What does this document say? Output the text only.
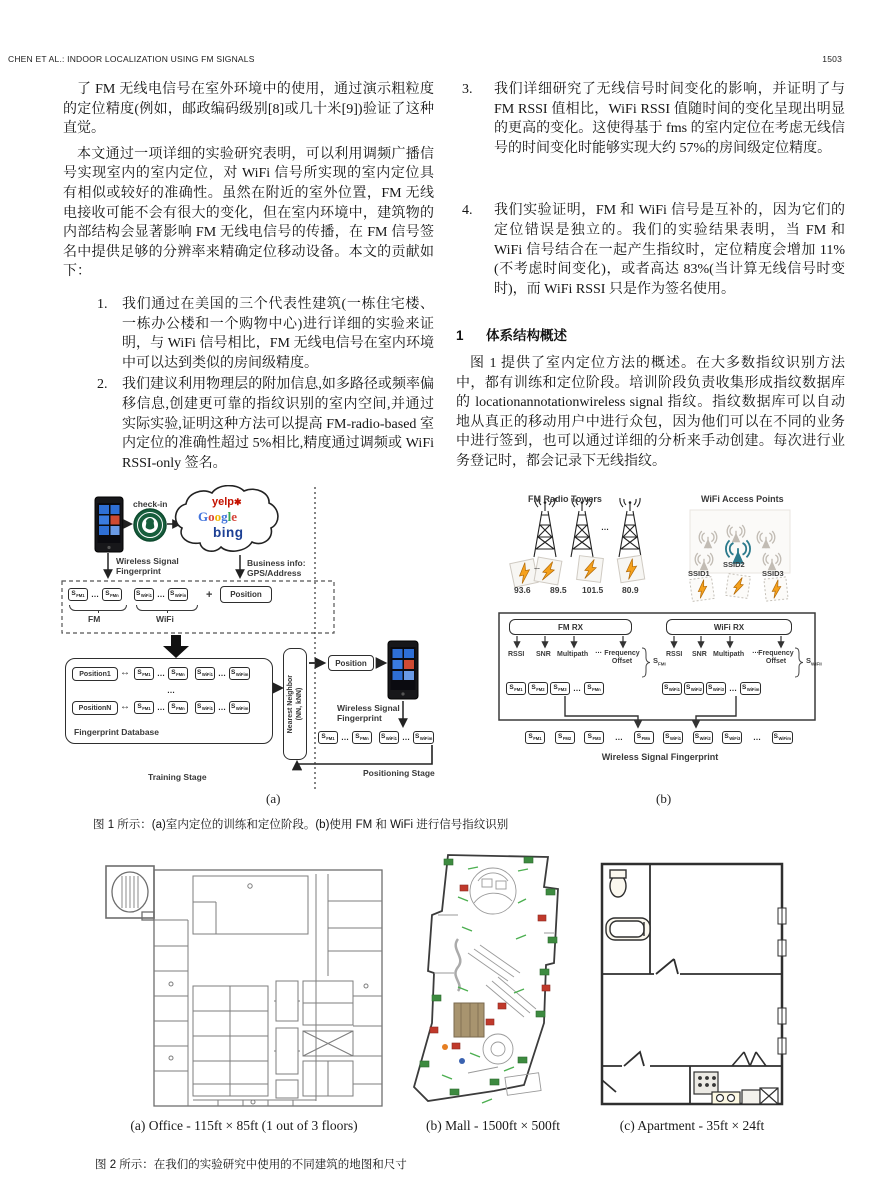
CHEN ET AL.: INDOOR LOCALIZATION USING FM SIGNALS	1503

了 FM 无线电信号在室外环境中的使用，通过演示粗粒度的定位精度(例如，邮政编码级别[8]或几十米[9])验证了这种直觉。

本文通过一项详细的实验研究表明，可以利用调频广播信号实现室内的室内定位，对 WiFi 信号所实现的室内定位具有相似或较好的准确性。虽然在附近的室外位置，FM 无线电接收可能不会有很大的变化，但在室内环境中，建筑物的内部结构会显著影响 FM 无线电信号的传播，在 FM 信号签名中提供足够的分辨率来精确定位移动设备。本文的贡献如下：

1. 我们通过在美国的三个代表性建筑(一栋住宅楼、一栋办公楼和一个购物中心)进行详细的实验来证明，与 WiFi 信号相比，FM 无线电信号在室内环境中可以达到类似的房间级精度。
2. 我们建议利用物理层的附加信息,如多路径或频率偏移信息,创建更可靠的指纹识别的室内空间,并通过实际实验,证明这种方法可以提高 FM-radio-based 室内定位的准确性超过 5%相比,精度通过调频或 WiFi RSSI-only 签名。
3. 我们详细研究了无线信号时间变化的影响，并证明了与 FM RSSI 值相比，WiFi RSSI 值随时间的变化呈现出明显的更高的变化。这使得基于 fms 的室内定位在考虑无线信号的时间变化时能够实现大约 57%的房间级定位精度。
4. 我们实验证明，FM 和 WiFi 信号是互补的，因为它们的定位错误是独立的。我们的实验结果表明，当 FM 和 WiFi 信号结合在一起产生指纹时，定位精度会增加 11%(不考虑时间变化)，或者高达 83%(当计算无线信号时变时)，而 WiFi RSSI 只是作为签名使用。
1 体系结构概述

图 1 提供了室内定位方法的概述。在大多数指纹识别方法中，都有训练和定位阶段。培训阶段负责收集形成指纹数据库的 locationannotationwireless signal 指纹。指纹数据库可以自动地从真正的移动用户中进行众包，因为他们可以在不同的业务中进行签到，也可以通过详细的分析来手动创建。每次进行业务登记时，都会记录下无线指纹。

check-in	yelp✱
Google
bing
Wireless Signal
Fingerprint
Business info:
GPS/Address
$S_{FM1}$ … $S_{FMn}$	$S_{WiFi1}$ … $S_{WiFin}$
FM	WiFi
+	Position
Position1 ↔ $S_{FM1}$ … $S_{FMn}$ $S_{WiFi1}$ … $S_{WiFim}$
…
PositionN ↔ $S_{FM1}$ … $S_{FMn}$ $S_{WiFi1}$ … $S_{WiFim}$
Fingerprint Database	Nearest Neighbor (NN, kNN)
Position
Wireless Signal
Fingerprint
$S_{FM1}$ … $S_{FMn}$ $S_{WiFi1}$ … $S_{WiFim}$
Training Stage	Positioning Stage
(a)
FM Radio Towers	WiFi Access Points
…
…
93.6 89.5 101.5 80.9
SSID1
SSID2
SSID3
FM RX	WiFi RX
RSSI SNR Multipath … Frequency Offset
RSSI SNR Multipath … Frequency Offset
$S_{FMi}$	$S_{WiFii}$
$S_{FM1}$ $S_{FM2}$ $S_{FM3}$ … $S_{FMn}$	$S_{WiFi1}$ $S_{WiFi2}$ $S_{WiFi3}$ … $S_{WiFim}$
$S_{FM1}$	$S_{FM2}$	$S_{FM3}$ … $S_{FMn}$ $S_{WiFi1}$ $S_{WiFi2}$ $S_{WiFi3}$ … $S_{WiFim}$
Wireless Signal Fingerprint
(b)
图 1 所示：(a)室内定位的训练和定位阶段。(b)使用 FM 和 WiFi 进行信号指纹识别
(a) Office - 115ft × 85ft (1 out of 3 floors)	(b) Mall - 1500ft × 500ft	(c) Apartment - 35ft × 24ft
图 2 所示：在我们的实验研究中使用的不同建筑的地图和尺寸
